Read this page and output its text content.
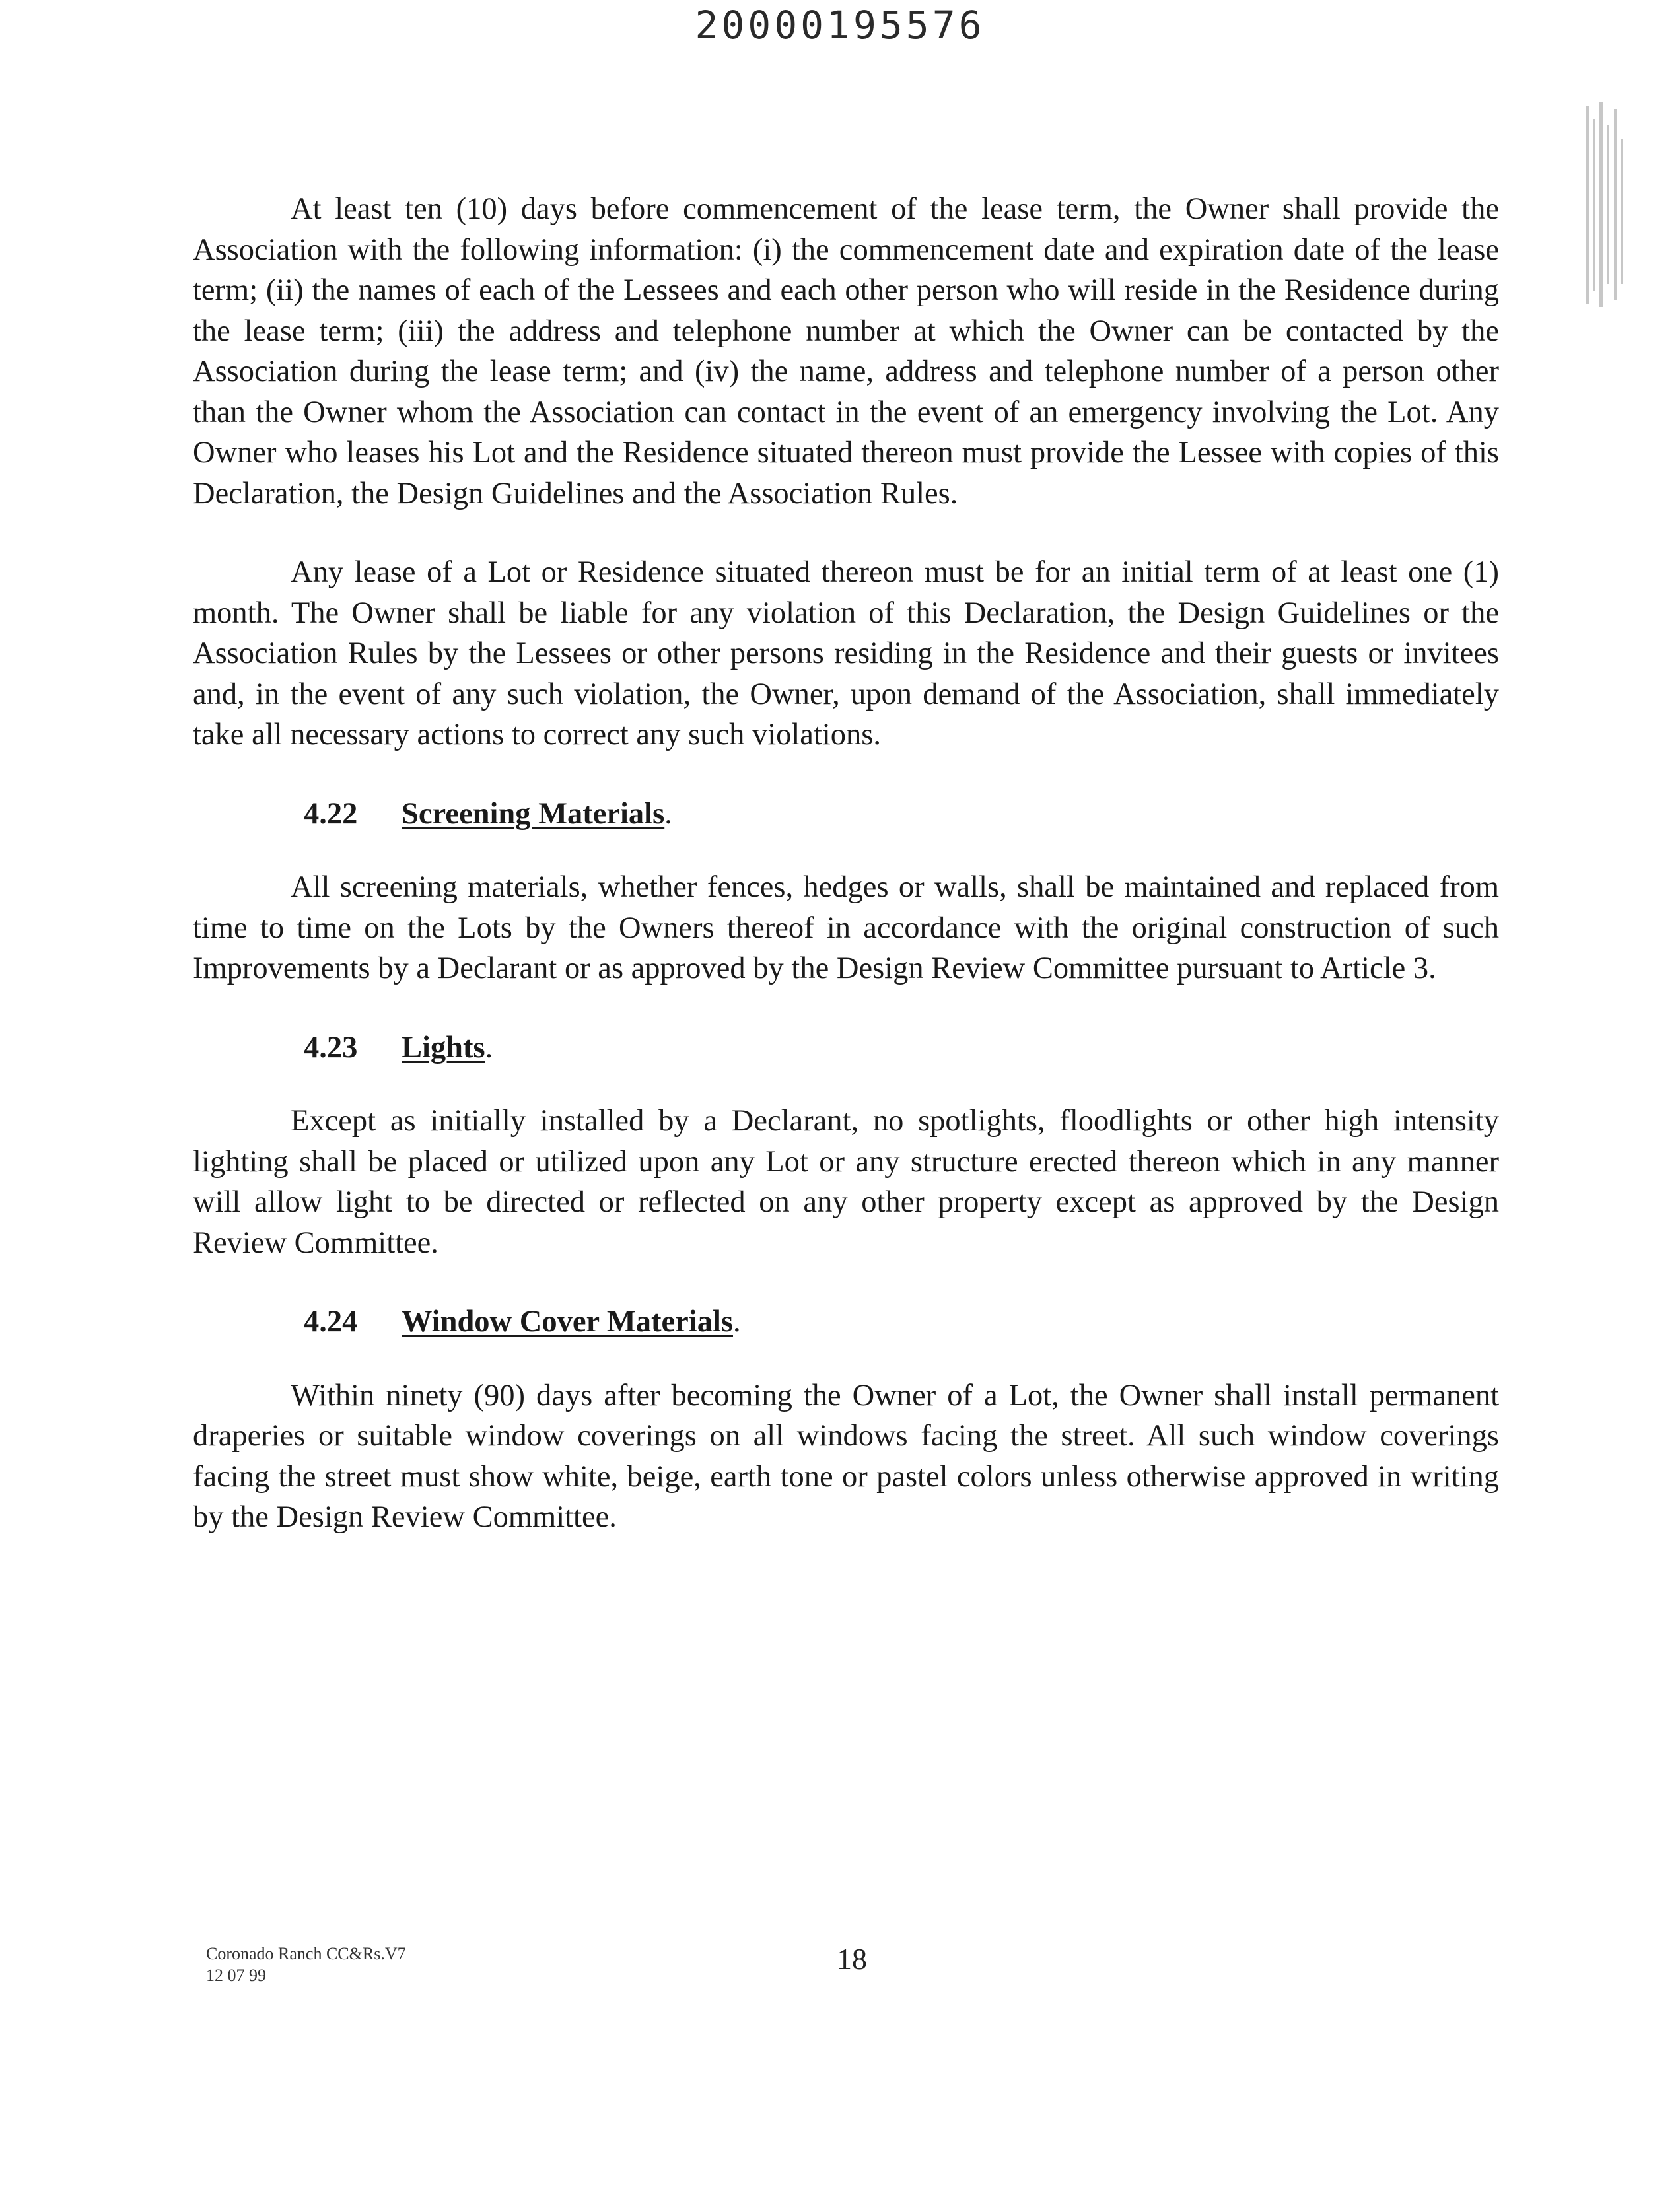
20000195576

At least ten (10) days before commencement of the lease term, the Owner shall provide the Association with the following information: (i) the commencement date and expiration date of the lease term; (ii) the names of each of the Lessees and each other person who will reside in the Residence during the lease term; (iii) the address and telephone number at which the Owner can be contacted by the Association during the lease term; and (iv) the name, address and telephone number of a person other than the Owner whom the Association can contact in the event of an emergency involving the Lot. Any Owner who leases his Lot and the Residence situated thereon must provide the Lessee with copies of this Declaration, the Design Guidelines and the Association Rules.

Any lease of a Lot or Residence situated thereon must be for an initial term of at least one (1) month. The Owner shall be liable for any violation of this Declaration, the Design Guidelines or the Association Rules by the Lessees or other persons residing in the Residence and their guests or invitees and, in the event of any such violation, the Owner, upon demand of the Association, shall immediately take all necessary actions to correct any such violations.

4.22 Screening Materials.

All screening materials, whether fences, hedges or walls, shall be maintained and replaced from time to time on the Lots by the Owners thereof in accordance with the original construction of such Improvements by a Declarant or as approved by the Design Review Committee pursuant to Article 3.

4.23 Lights.

Except as initially installed by a Declarant, no spotlights, floodlights or other high intensity lighting shall be placed or utilized upon any Lot or any structure erected thereon which in any manner will allow light to be directed or reflected on any other property except as approved by the Design Review Committee.

4.24 Window Cover Materials.

Within ninety (90) days after becoming the Owner of a Lot, the Owner shall install permanent draperies or suitable window coverings on all windows facing the street. All such window coverings facing the street must show white, beige, earth tone or pastel colors unless otherwise approved in writing by the Design Review Committee.

Coronado Ranch CC&Rs.V7
12 07 99	18
